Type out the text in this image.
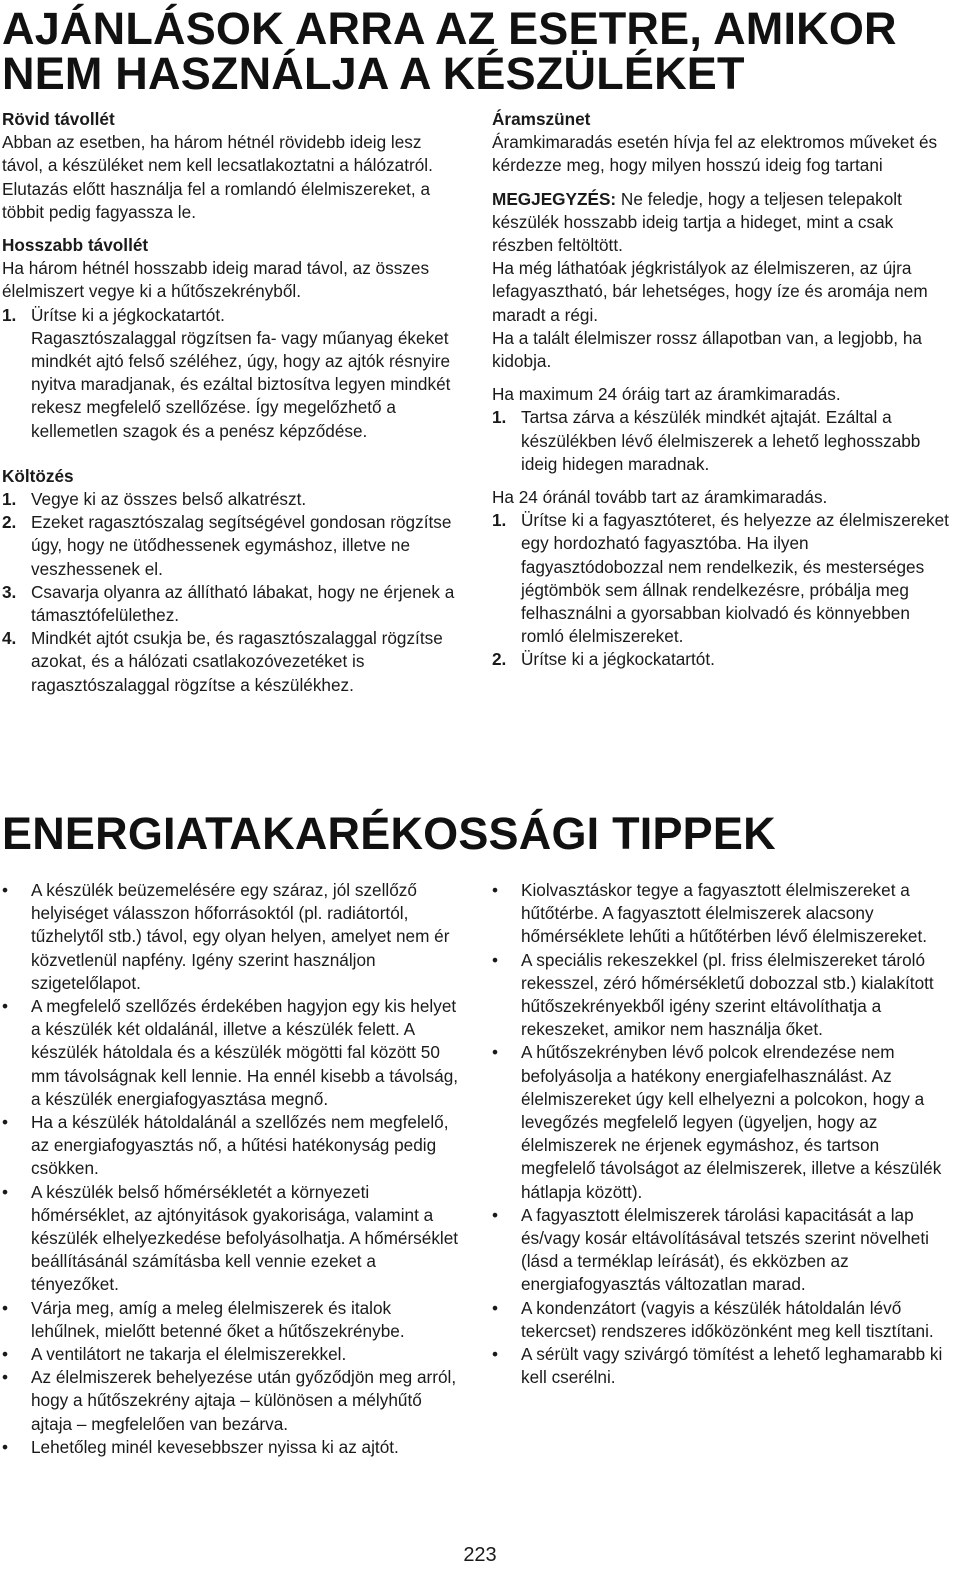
AJÁNLÁSOK ARRA AZ ESETRE, AMIKOR
NEM HASZNÁLJA A KÉSZÜLÉKET

Rövid távollét

Abban az esetben, ha három hétnél rövidebb ideig lesz távol, a készüléket nem kell lecsatlakoztatni a hálózatról. Elutazás előtt használja fel a romlandó élelmiszereket, a többit pedig fagyassza le.

Hosszabb távollét

Ha három hétnél hosszabb ideig marad távol, az összes élelmiszert vegye ki a hűtőszekrényből.

1. Ürítse ki a jégkockatartót.

Ragasztószalaggal rögzítsen fa- vagy műanyag ékeket mindkét ajtó felső széléhez, úgy, hogy az ajtók résnyire nyitva maradjanak, és ezáltal biztosítva legyen mindkét rekesz megfelelő szellőzése. Így megelőzhető a kellemetlen szagok és a penész képződése.

Költözés

1. Vegye ki az összes belső alkatrészt.
2. Ezeket ragasztószalag segítségével gondosan rögzítse úgy, hogy ne ütődhessenek egymáshoz, illetve ne veszhessenek el.
3. Csavarja olyanra az állítható lábakat, hogy ne érjenek a támasztófelülethez.
4. Mindkét ajtót csukja be, és ragasztószalaggal rögzítse azokat, és a hálózati csatlakozóvezetéket is ragasztószalaggal rögzítse a készülékhez.

Áramszünet

Áramkimaradás esetén hívja fel az elektromos műveket és kérdezze meg, hogy milyen hosszú ideig fog tartani

MEGJEGYZÉS: Ne feledje, hogy a teljesen telepakolt készülék hosszabb ideig tartja a hideget, mint a csak részben feltöltött.

Ha még láthatóak jégkristályok az élelmiszeren, az újra lefagyasztható, bár lehetséges, hogy íze és aromája nem maradt a régi.

Ha a talált élelmiszer rossz állapotban van, a legjobb, ha kidobja.

Ha maximum 24 óráig tart az áramkimaradás.

1. Tartsa zárva a készülék mindkét ajtaját. Ezáltal a készülékben lévő élelmiszerek a lehető leghosszabb ideig hidegen maradnak.

Ha 24 óránál tovább tart az áramkimaradás.

1. Ürítse ki a fagyasztóteret, és helyezze az élelmiszereket egy hordozható fagyasztóba. Ha ilyen fagyasztódobozzal nem rendelkezik, és mesterséges jégtömbök sem állnak rendelkezésre, próbálja meg felhasználni a gyorsabban kiolvadó és könnyebben romló élelmiszereket.
2. Ürítse ki a jégkockatartót.
ENERGIATAKARÉKOSSÁGI TIPPEK
• A készülék beüzemelésére egy száraz, jól szellőző helyiséget válasszon hőforrásoktól (pl. radiátortól, tűzhelytől stb.) távol, egy olyan helyen, amelyet nem ér közvetlenül napfény. Igény szerint használjon szigetelőlapot.
• A megfelelő szellőzés érdekében hagyjon egy kis helyet a készülék két oldalánál, illetve a készülék felett. A készülék hátoldala és a készülék mögötti fal között 50 mm távolságnak kell lennie. Ha ennél kisebb a távolság, a készülék energiafogyasztása megnő.
• Ha a készülék hátoldalánál a szellőzés nem megfelelő, az energiafogyasztás nő, a hűtési hatékonyság pedig csökken.
• A készülék belső hőmérsékletét a környezeti hőmérséklet, az ajtónyitások gyakorisága, valamint a készülék elhelyezkedése befolyásolhatja. A hőmérséklet beállításánál számításba kell vennie ezeket a tényezőket.
• Várja meg, amíg a meleg élelmiszerek és italok lehűlnek, mielőtt betenné őket a hűtőszekrénybe.
• A ventilátort ne takarja el élelmiszerekkel.
• Az élelmiszerek behelyezése után győződjön meg arról, hogy a hűtőszekrény ajtaja – különösen a mélyhűtő ajtaja – megfelelően van bezárva.
• Lehetőleg minél kevesebbszer nyissa ki az ajtót.
• Kiolvasztáskor tegye a fagyasztott élelmiszereket a hűtőtérbe. A fagyasztott élelmiszerek alacsony hőmérséklete lehűti a hűtőtérben lévő élelmiszereket.
• A speciális rekeszekkel (pl. friss élelmiszereket tároló rekesszel, zéró hőmérsékletű dobozzal stb.) kialakított hűtőszekrényekből igény szerint eltávolíthatja a rekeszeket, amikor nem használja őket.
• A hűtőszekrényben lévő polcok elrendezése nem befolyásolja a hatékony energiafelhasználást. Az élelmiszereket úgy kell elhelyezni a polcokon, hogy a levegőzés megfelelő legyen (ügyeljen, hogy az élelmiszerek ne érjenek egymáshoz, és tartson megfelelő távolságot az élelmiszerek, illetve a készülék hátlapja között).
• A fagyasztott élelmiszerek tárolási kapacitását a lap és/vagy kosár eltávolításával tetszés szerint növelheti (lásd a terméklap leírását), és ekközben az energiafogyasztás változatlan marad.
• A kondenzátort (vagyis a készülék hátoldalán lévő tekercset) rendszeres időközönként meg kell tisztítani.
• A sérült vagy szivárgó tömítést a lehető leghamarabb ki kell cserélni.
223
